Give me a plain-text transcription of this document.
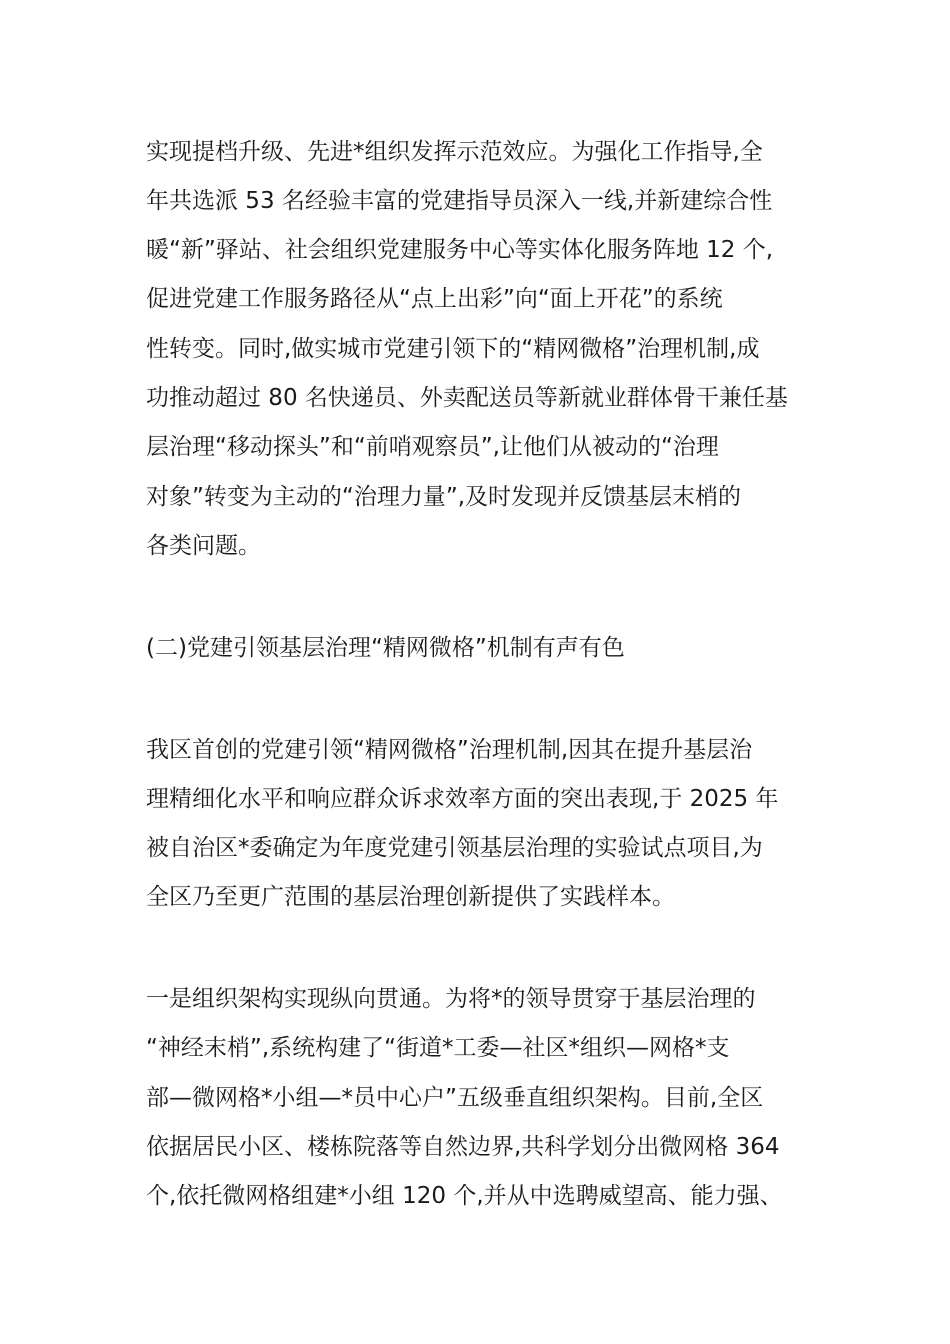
实现提档升级、先进*组织发挥示范效应。为强化工作指导,全
年共选派 53 名经验丰富的党建指导员深入一线,并新建综合性
暖“新”驿站、社会组织党建服务中心等实体化服务阵地 12 个,
促进党建工作服务路径从“点上出彩”向“面上开花”的系统
性转变。同时,做实城市党建引领下的“精网微格”治理机制,成
功推动超过 80 名快递员、外卖配送员等新就业群体骨干兼任基
层治理“移动探头”和“前哨观察员”,让他们从被动的“治理
对象”转变为主动的“治理力量”,及时发现并反馈基层末梢的
各类问题。
(二)党建引领基层治理“精网微格”机制有声有色
我区首创的党建引领“精网微格”治理机制,因其在提升基层治
理精细化水平和响应群众诉求效率方面的突出表现,于 2025 年
被自治区*委确定为年度党建引领基层治理的实验试点项目,为
全区乃至更广范围的基层治理创新提供了实践样本。
一是组织架构实现纵向贯通。为将*的领导贯穿于基层治理的
“神经末梢”,系统构建了“街道*工委—社区*组织—网格*支
部—微网格*小组—*员中心户”五级垂直组织架构。目前,全区
依据居民小区、楼栋院落等自然边界,共科学划分出微网格 364
个,依托微网格组建*小组 120 个,并从中选聘威望高、能力强、
